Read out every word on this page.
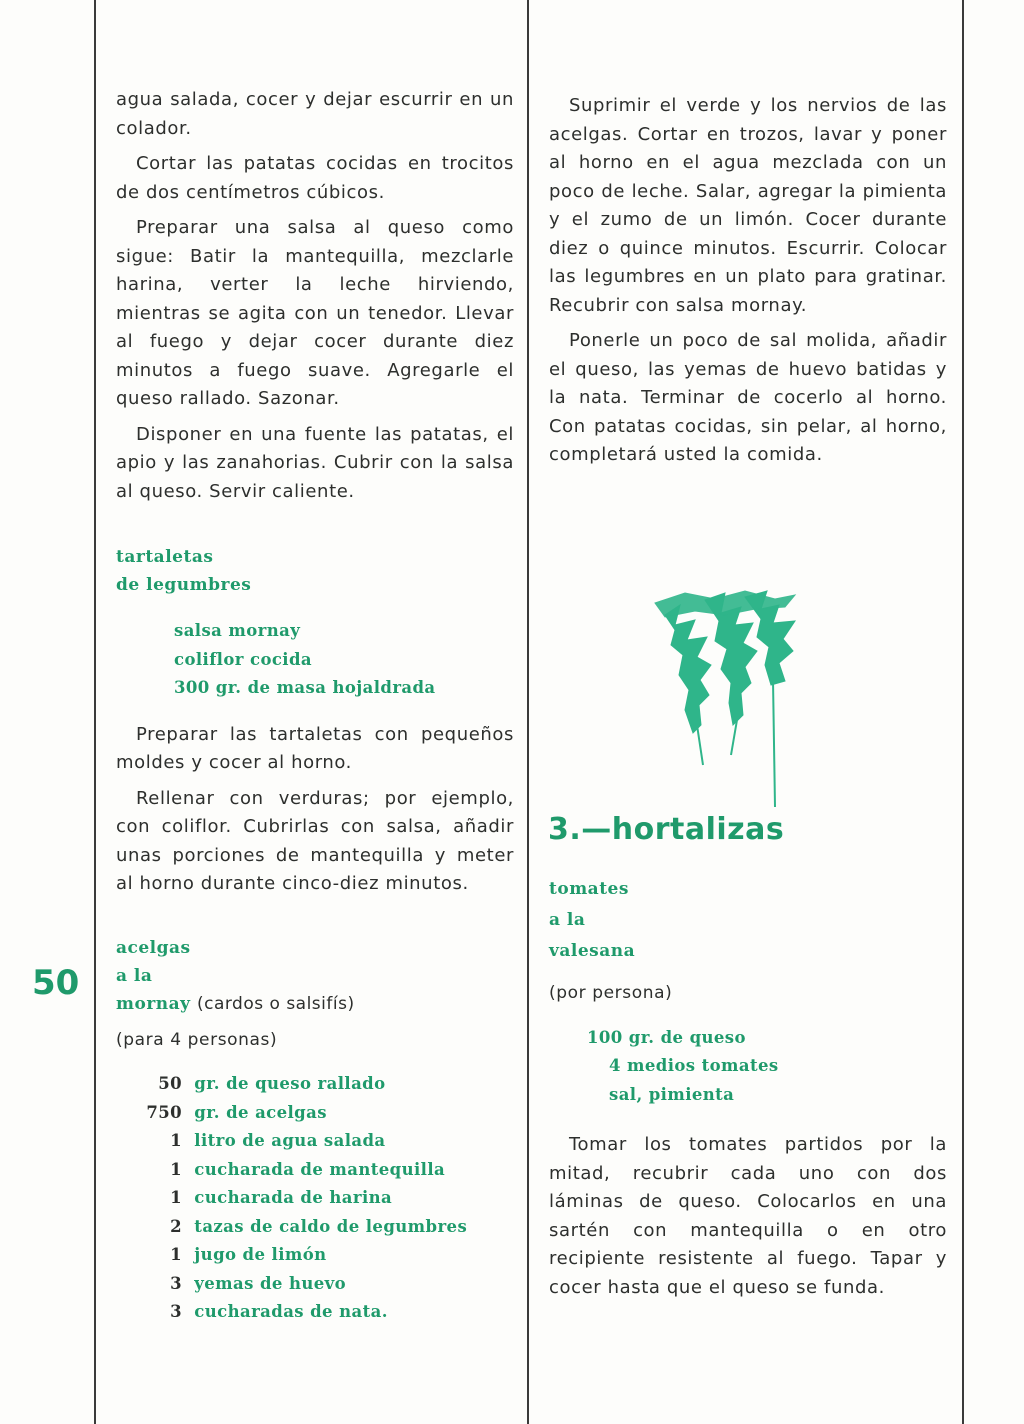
50

agua salada, cocer y dejar escurrir en un colador.

Cortar las patatas cocidas en trocitos de dos centímetros cúbicos.

Preparar una salsa al queso como sigue: Batir la mantequilla, mezclarle harina, verter la leche hirviendo, mientras se agita con un tenedor. Llevar al fuego y dejar cocer durante diez minutos a fuego suave. Agregarle el queso rallado. Sazonar.

Disponer en una fuente las patatas, el apio y las zanahorias. Cubrir con la salsa al queso. Servir caliente.

tartaletas
de legumbres
salsa mornay
coliflor cocida
300 gr. de masa hojaldrada

Preparar las tartaletas con pequeños moldes y cocer al horno.

Rellenar con verduras; por ejemplo, con coliflor. Cubrirlas con salsa, añadir unas porciones de mantequilla y meter al horno durante cinco-diez minutos.

acelgas
a la
mornay (cardos o salsifís)
(para 4 personas)
50 gr. de queso rallado
750 gr. de acelgas
1 litro de agua salada
1 cucharada de mantequilla
1 cucharada de harina
2 tazas de caldo de legumbres
1 jugo de limón
3 yemas de huevo
3 cucharadas de nata.

Suprimir el verde y los nervios de las acelgas. Cortar en trozos, lavar y poner al horno en el agua mezclada con un poco de leche. Salar, agregar la pimienta y el zumo de un limón. Cocer durante diez o quince minutos. Escurrir. Colocar las legumbres en un plato para gratinar. Recubrir con salsa mornay.

Ponerle un poco de sal molida, añadir el queso, las yemas de huevo batidas y la nata. Terminar de cocerlo al horno. Con patatas cocidas, sin pelar, al horno, completará usted la comida.

3.—hortalizas
tomates
a la
valesana
(por persona)
100 gr. de queso
4 medios tomates
sal, pimienta

Tomar los tomates partidos por la mitad, recubrir cada uno con dos láminas de queso. Colocarlos en una sartén con mantequilla o en otro recipiente resistente al fuego. Tapar y cocer hasta que el queso se funda.
